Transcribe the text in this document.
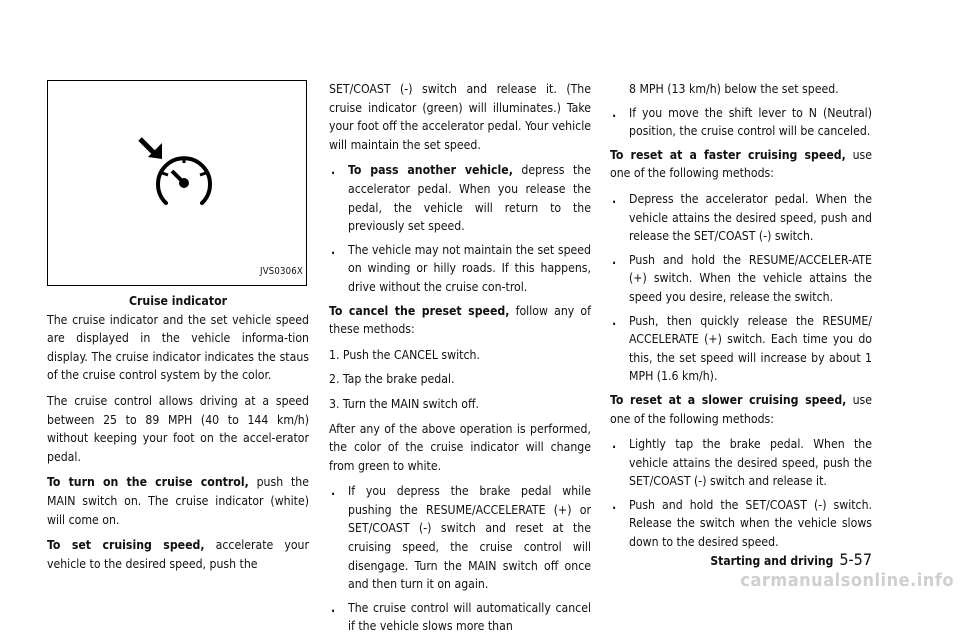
JVS0306X

Cruise indicator

The cruise indicator and the set vehicle speed are displayed in the vehicle informa-tion display. The cruise indicator indicates the staus of the cruise control system by the color.

The cruise control allows driving at a speed between 25 to 89 MPH (40 to 144 km/h) without keeping your foot on the accel-erator pedal.

To turn on the cruise control, push the MAIN switch on. The cruise indicator (white) will come on.

To set cruising speed, accelerate your vehicle to the desired speed, push the

SET/COAST (-) switch and release it. (The cruise indicator (green) will illuminates.) Take your foot off the accelerator pedal. Your vehicle will maintain the set speed.

. To pass another vehicle, depress the accelerator pedal. When you release the pedal, the vehicle will return to the previously set speed.
. The vehicle may not maintain the set speed on winding or hilly roads. If this happens, drive without the cruise con-trol.

To cancel the preset speed, follow any of these methods:

1. Push the CANCEL switch.
2. Tap the brake pedal.
3. Turn the MAIN switch off.

After any of the above operation is performed, the color of the cruise indicator will change from green to white.

. If you depress the brake pedal while pushing the RESUME/ACCELERATE (+) or SET/COAST (-) switch and reset at the cruising speed, the cruise control will disengage. Turn the MAIN switch off once and then turn it on again.
. The cruise control will automatically cancel if the vehicle slows more than
8 MPH (13 km/h) below the set speed.
. If you move the shift lever to N (Neutral) position, the cruise control will be canceled.

To reset at a faster cruising speed, use one of the following methods:

. Depress the accelerator pedal. When the vehicle attains the desired speed, push and release the SET/COAST (-) switch.
. Push and hold the RESUME/ACCELER-ATE (+) switch. When the vehicle attains the speed you desire, release the switch.
. Push, then quickly release the RESUME/ ACCELERATE (+) switch. Each time you do this, the set speed will increase by about 1 MPH (1.6 km/h).

To reset at a slower cruising speed, use one of the following methods:

. Lightly tap the brake pedal. When the vehicle attains the desired speed, push the SET/COAST (-) switch and release it.
. Push and hold the SET/COAST (-) switch. Release the switch when the vehicle slows down to the desired speed.
Starting and driving 5-57
carmanualsonline.info
